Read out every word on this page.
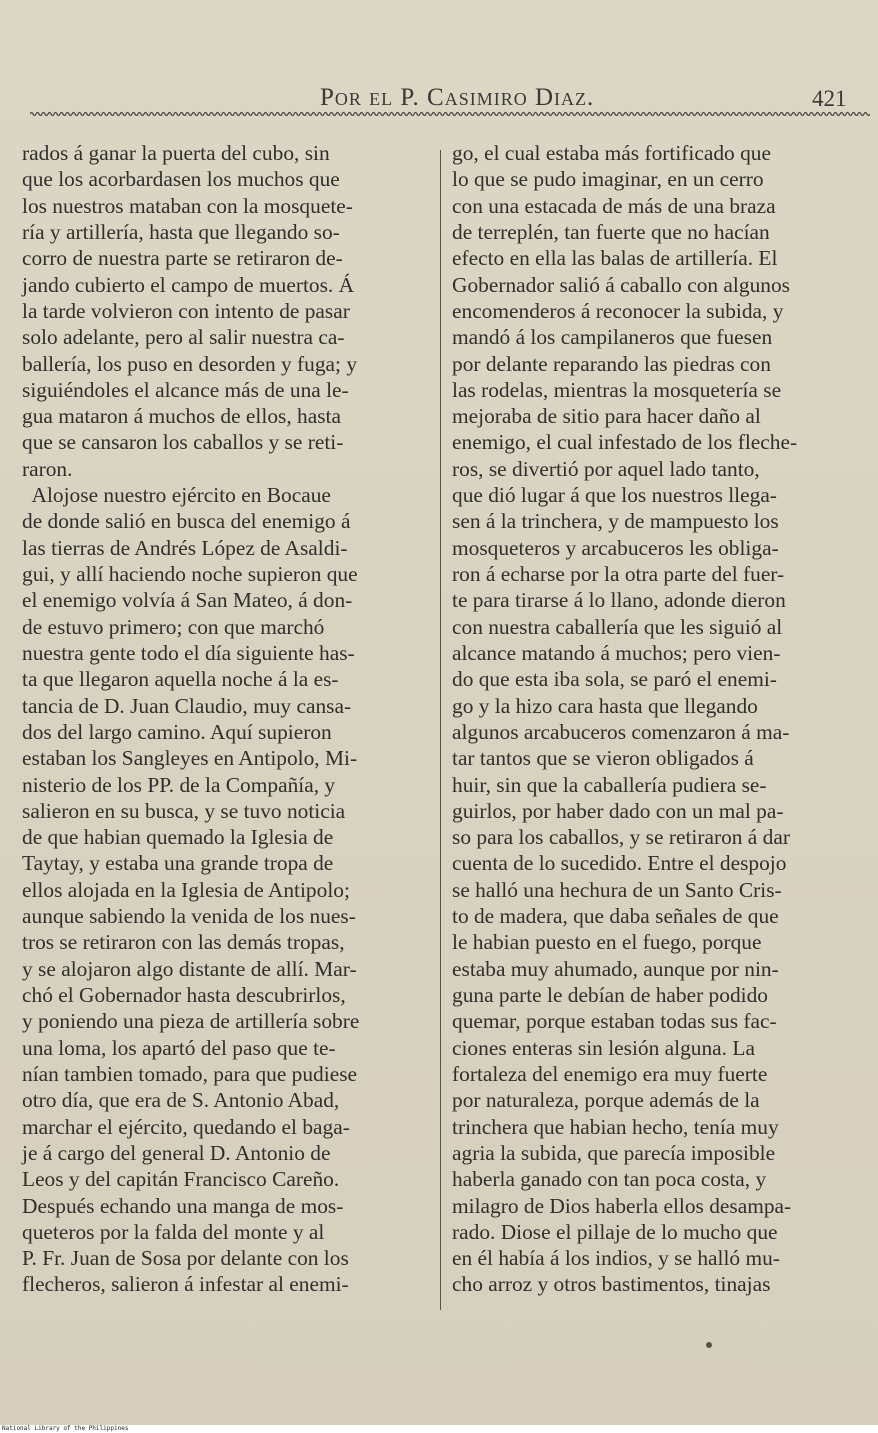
Por el P. Casimiro Diaz.	421
rados á ganar la puerta del cubo, sin
que los acorbardasen los muchos que
los nuestros mataban con la mosquete-
ría y artillería, hasta que llegando so-
corro de nuestra parte se retiraron de-
jando cubierto el campo de muertos. Á
la tarde volvieron con intento de pasar
solo adelante, pero al salir nuestra ca-
ballería, los puso en desorden y fuga; y
siguiéndoles el alcance más de una le-
gua mataron á muchos de ellos, hasta
que se cansaron los caballos y se reti-
raron.
Alojose nuestro ejército en Bocaue
de donde salió en busca del enemigo á
las tierras de Andrés López de Asaldi-
gui, y allí haciendo noche supieron que
el enemigo volvía á San Mateo, á don-
de estuvo primero; con que marchó
nuestra gente todo el día siguiente has-
ta que llegaron aquella noche á la es-
tancia de D. Juan Claudio, muy cansa-
dos del largo camino. Aquí supieron
estaban los Sangleyes en Antipolo, Mi-
nisterio de los PP. de la Compañía, y
salieron en su busca, y se tuvo noticia
de que habian quemado la Iglesia de
Taytay, y estaba una grande tropa de
ellos alojada en la Iglesia de Antipolo;
aunque sabiendo la venida de los nues-
tros se retiraron con las demás tropas,
y se alojaron algo distante de allí. Mar-
chó el Gobernador hasta descubrirlos,
y poniendo una pieza de artillería sobre
una loma, los apartó del paso que te-
nían tambien tomado, para que pudiese
otro día, que era de S. Antonio Abad,
marchar el ejército, quedando el baga-
je á cargo del general D. Antonio de
Leos y del capitán Francisco Careño.
Después echando una manga de mos-
queteros por la falda del monte y al
P. Fr. Juan de Sosa por delante con los
flecheros, salieron á infestar al enemi-
go, el cual estaba más fortificado que
lo que se pudo imaginar, en un cerro
con una estacada de más de una braza
de terreplén, tan fuerte que no hacían
efecto en ella las balas de artillería. El
Gobernador salió á caballo con algunos
encomenderos á reconocer la subida, y
mandó á los campilaneros que fuesen
por delante reparando las piedras con
las rodelas, mientras la mosquetería se
mejoraba de sitio para hacer daño al
enemigo, el cual infestado de los fleche-
ros, se divertió por aquel lado tanto,
que dió lugar á que los nuestros llega-
sen á la trinchera, y de mampuesto los
mosqueteros y arcabuceros les obliga-
ron á echarse por la otra parte del fuer-
te para tirarse á lo llano, adonde dieron
con nuestra caballería que les siguió al
alcance matando á muchos; pero vien-
do que esta iba sola, se paró el enemi-
go y la hizo cara hasta que llegando
algunos arcabuceros comenzaron á ma-
tar tantos que se vieron obligados á
huir, sin que la caballería pudiera se-
guirlos, por haber dado con un mal pa-
so para los caballos, y se retiraron á dar
cuenta de lo sucedido. Entre el despojo
se halló una hechura de un Santo Cris-
to de madera, que daba señales de que
le habian puesto en el fuego, porque
estaba muy ahumado, aunque por nin-
guna parte le debían de haber podido
quemar, porque estaban todas sus fac-
ciones enteras sin lesión alguna. La
fortaleza del enemigo era muy fuerte
por naturaleza, porque además de la
trinchera que habian hecho, tenía muy
agria la subida, que parecía imposible
haberla ganado con tan poca costa, y
milagro de Dios haberla ellos desampa-
rado. Diose el pillaje de lo mucho que
en él había á los indios, y se halló mu-
cho arroz y otros bastimentos, tinajas
National Library of the Philippines
